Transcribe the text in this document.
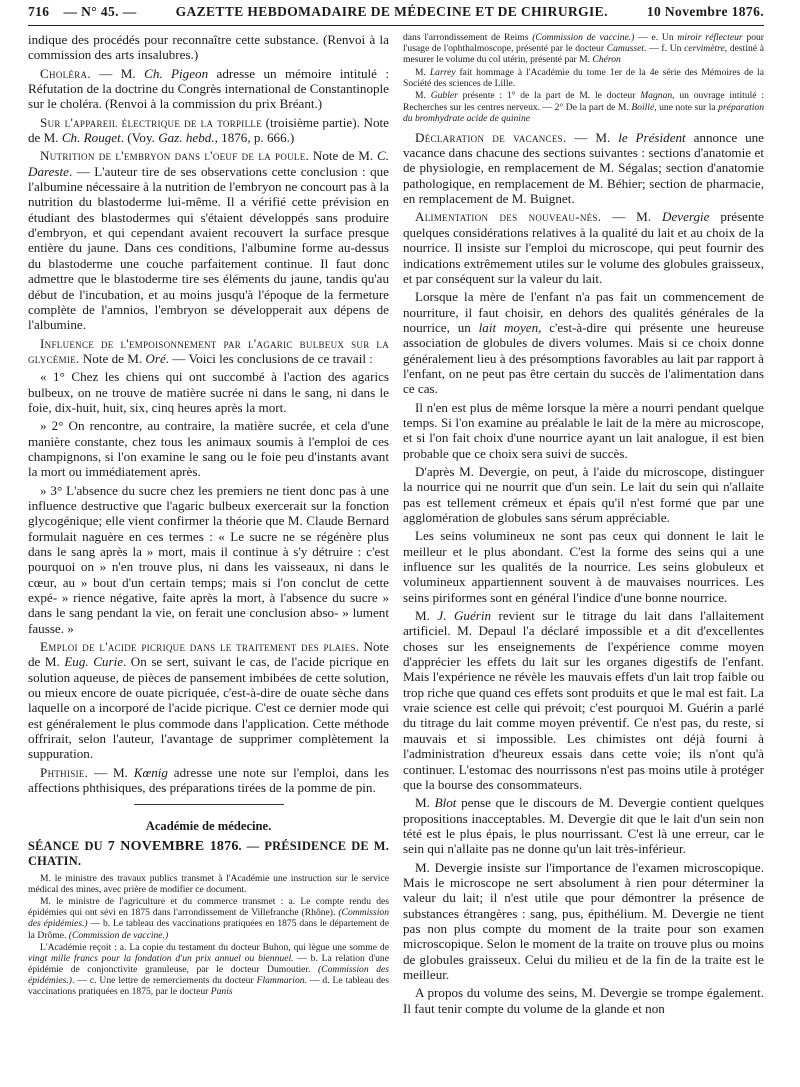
716 — N° 45. —	GAZETTE HEBDOMADAIRE DE MÉDECINE ET DE CHIRURGIE.	10 Novembre 1876.

indique des procédés pour reconnaître cette substance. (Renvoi à la commission des arts insalubres.)

Choléra. — M. Ch. Pigeon adresse un mémoire intitulé : Réfutation de la doctrine du Congrès international de Constantinople sur le choléra. (Renvoi à la commission du prix Bréant.)

Sur l'appareil électrique de la torpille (troisième partie). Note de M. Ch. Rouget. (Voy. Gaz. hebd., 1876, p. 666.)

Nutrition de l'embryon dans l'oeuf de la poule. Note de M. C. Dareste. — L'auteur tire de ses observations cette conclusion : que l'albumine nécessaire à la nutrition de l'embryon ne concourt pas à la nutrition du blastoderme lui-même. Il a vérifié cette prévision en étudiant des blastodermes qui s'étaient développés sans produire d'embryon, et qui cependant avaient recouvert la surface presque entière du jaune. Dans ces conditions, l'albumine forme au-dessus du blastoderme une couche parfaitement continue. Il faut donc admettre que le blastoderme tire ses éléments du jaune, tandis qu'au début de l'incubation, et au moins jusqu'à l'époque de la fermeture complète de l'amnios, l'embryon se développerait aux dépens de l'albumine.

Influence de l'empoisonnement par l'agaric bulbeux sur la glycémie. Note de M. Oré. — Voici les conclusions de ce travail :

« 1° Chez les chiens qui ont succombé à l'action des agarics bulbeux, on ne trouve de matière sucrée ni dans le sang, ni dans le foie, dix-huit, huit, six, cinq heures après la mort.

» 2° On rencontre, au contraire, la matière sucrée, et cela d'une manière constante, chez tous les animaux soumis à l'emploi de ces champignons, si l'on examine le sang ou le foie peu d'instants avant la mort ou immédiatement après.

» 3° L'absence du sucre chez les premiers ne tient donc pas à une influence destructive que l'agaric bulbeux exercerait sur la fonction glycogénique; elle vient confirmer la théorie que M. Claude Bernard formulait naguère en ces termes : « Le sucre ne se régénère plus dans le sang après la » mort, mais il continue à s'y détruire : c'est pourquoi on » n'en trouve plus, ni dans les vaisseaux, ni dans le cœur, au » bout d'un certain temps; mais si l'on conclut de cette expé- » rience négative, faite après la mort, à l'absence du sucre » dans le sang pendant la vie, on ferait une conclusion abso- » lument fausse. »

Emploi de l'acide picrique dans le traitement des plaies. Note de M. Eug. Curie. On se sert, suivant le cas, de l'acide picrique en solution aqueuse, de pièces de pansement imbibées de cette solution, ou mieux encore de ouate picriquée, c'est-à-dire de ouate sèche dans laquelle on a incorporé de l'acide picrique. C'est ce dernier mode qui est généralement le plus commode dans l'application. Cette méthode offrirait, selon l'auteur, l'avantage de supprimer complètement la suppuration.

Phthisie. — M. Kœnig adresse une note sur l'emploi, dans les affections phthisiques, des préparations tirées de la pomme de pin.

Académie de médecine.

SÉANCE DU 7 NOVEMBRE 1876. — PRÉSIDENCE DE M. CHATIN.

M. le ministre des travaux publics transmet à l'Académie une instruction sur le service médical des mines, avec prière de modifier ce document.

M. le ministre de l'agriculture et du commerce transmet : a. Le compte rendu des épidémies qui ont sévi en 1875 dans l'arrondissement de Villefranche (Rhône). (Commission des épidémies.) — b. Le tableau des vaccinations pratiquées en 1875 dans le département de la Drôme. (Commission de vaccine.)

L'Académie reçoit : a. La copie du testament du docteur Buhon, qui lègue une somme de vingt mille francs pour la fondation d'un prix annuel ou biennuel. — b. La relation d'une épidémie de conjonctivite granuleuse, par le docteur Dumoutier. (Commission des épidémies.). — c. Une lettre de remerciements du docteur Flammarion. — d. Le tableau des vaccinations pratiquées en 1875, par le docteur Panis

dans l'arrondissement de Reims (Commission de vaccine.) — e. Un miroir réflecteur pour l'usage de l'ophthalmoscope, présenté par le docteur Camusset. — f. Un cervimètre, destiné à mesurer le volume du col utérin, présenté par M. Chéron

M. Larrey fait hommage à l'Académie du tome 1er de la 4e série des Mémoires de la Société des sciences de Lille.

M. Gubler présente : 1° de la part de M. le docteur Magnan, un ouvrage intitulé : Recherches sur les centres nerveux. — 2° De la part de M. Boillé, une note sur la préparation du bromhydrate acide de quinine

Déclaration de vacances. — M. le Président annonce une vacance dans chacune des sections suivantes : sections d'anatomie et de physiologie, en remplacement de M. Ségalas; section d'anatomie pathologique, en remplacement de M. Béhier; section de pharmacie, en remplacement de M. Buignet.

Alimentation des nouveau-nés. — M. Devergie présente quelques considérations relatives à la qualité du lait et au choix de la nourrice. Il insiste sur l'emploi du microscope, qui peut fournir des indications extrêmement utiles sur le volume des globules graisseux, et par conséquent sur la valeur du lait.

Lorsque la mère de l'enfant n'a pas fait un commencement de nourriture, il faut choisir, en dehors des qualités générales de la nourrice, un lait moyen, c'est-à-dire qui présente une heureuse association de globules de divers volumes. Mais si ce choix donne généralement lieu à des présomptions favorables au lait par rapport à l'enfant, on ne peut pas être certain du succès de l'alimentation dans ce cas.

Il n'en est plus de même lorsque la mère a nourri pendant quelque temps. Si l'on examine au préalable le lait de la mère au microscope, et si l'on fait choix d'une nourrice ayant un lait analogue, il est bien probable que ce choix sera suivi de succès.

D'après M. Devergie, on peut, à l'aide du microscope, distinguer la nourrice qui ne nourrit que d'un sein. Le lait du sein qui n'allaite pas est tellement crémeux et épais qu'il n'est formé que par une agglomération de globules sans sérum appréciable.

Les seins volumineux ne sont pas ceux qui donnent le lait le meilleur et le plus abondant. C'est la forme des seins qui a une influence sur les qualités de la nourrice. Les seins globuleux et volumineux appartiennent souvent à de mauvaises nourrices. Les seins piriformes sont en général l'indice d'une bonne nourrice.

M. J. Guérin revient sur le titrage du lait dans l'allaitement artificiel. M. Depaul l'a déclaré impossible et a dit d'excellentes choses sur les enseignements de l'expérience comme moyen d'apprécier les effets du lait sur les organes digestifs de l'enfant. Mais l'expérience ne révèle les mauvais effets d'un lait trop faible ou trop riche que quand ces effets sont produits et que le mal est fait. La vraie science est celle qui prévoit; c'est pourquoi M. Guérin a parlé du titrage du lait comme moyen préventif. Ce n'est pas, du reste, si mauvais et si impossible. Les chimistes ont déjà fourni à l'administration d'heureux essais dans cette voie; ils n'ont qu'à continuer. L'estomac des nourrissons n'est pas moins utile à protéger que la bourse des consommateurs.

M. Blot pense que le discours de M. Devergie contient quelques propositions inacceptables. M. Devergie dit que le lait d'un sein non tété est le plus épais, le plus nourrissant. C'est là une erreur, car le sein qui n'allaite pas ne donne qu'un lait très-inférieur.

M. Devergie insiste sur l'importance de l'examen microscopique. Mais le microscope ne sert absolument à rien pour déterminer la valeur du lait; il n'est utile que pour démontrer la présence de substances étrangères : sang, pus, épithélium. M. Devergie ne tient pas non plus compte du moment de la traite pour son examen microscopique. Selon le moment de la traite on trouve plus ou moins de globules graisseux. Celui du milieu et de la fin de la traite est le meilleur.

A propos du volume des seins, M. Devergie se trompe également. Il faut tenir compte du volume de la glande et non
